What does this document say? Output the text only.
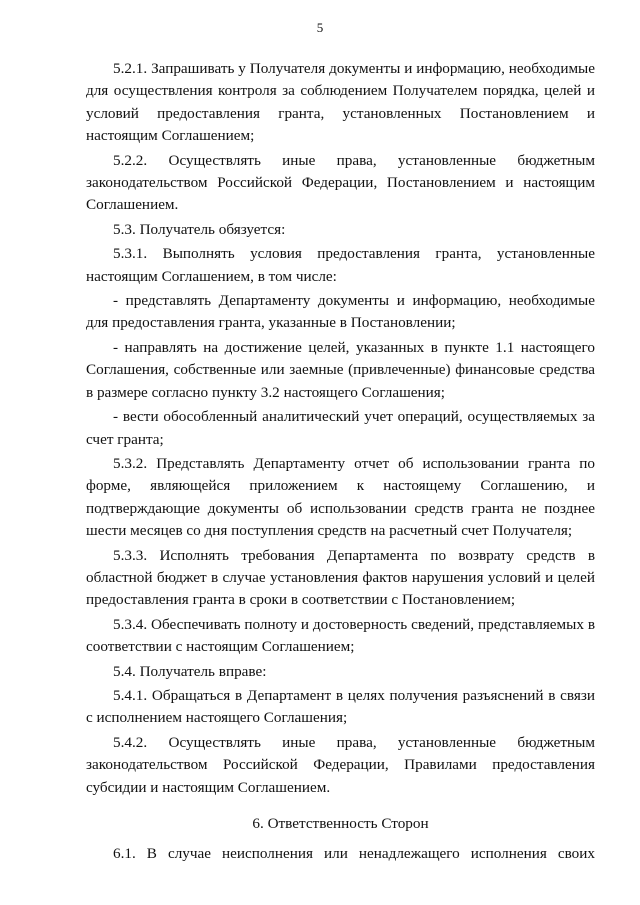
5

5.2.1. Запрашивать у Получателя документы и информацию, необходимые для осуществления контроля за соблюдением Получателем порядка, целей и условий предоставления гранта, установленных Постановлением и настоящим Соглашением;

5.2.2. Осуществлять иные права, установленные бюджетным законодательством Российской Федерации, Постановлением и настоящим Соглашением.

5.3. Получатель обязуется:

5.3.1. Выполнять условия предоставления гранта, установленные настоящим Соглашением, в том числе:

- представлять Департаменту документы и информацию, необходимые для предоставления гранта, указанные в Постановлении;

- направлять на достижение целей, указанных в пункте 1.1 настоящего Соглашения, собственные или заемные (привлеченные) финансовые средства в размере согласно пункту 3.2 настоящего Соглашения;

- вести обособленный аналитический учет операций, осуществляемых за счет гранта;

5.3.2. Представлять Департаменту отчет об использовании гранта по форме, являющейся приложением к настоящему Соглашению, и подтверждающие документы об использовании средств гранта не позднее шести месяцев со дня поступления средств на расчетный счет Получателя;

5.3.3. Исполнять требования Департамента по возврату средств в областной бюджет в случае установления фактов нарушения условий и целей предоставления гранта в сроки в соответствии с Постановлением;

5.3.4. Обеспечивать полноту и достоверность сведений, представляемых в соответствии с настоящим Соглашением;

5.4. Получатель вправе:

5.4.1. Обращаться в Департамент в целях получения разъяснений в связи с исполнением настоящего Соглашения;

5.4.2. Осуществлять иные права, установленные бюджетным законодательством Российской Федерации, Правилами предоставления субсидии и настоящим Соглашением.

6. Ответственность Сторон

6.1. В случае неисполнения или ненадлежащего исполнения своих
